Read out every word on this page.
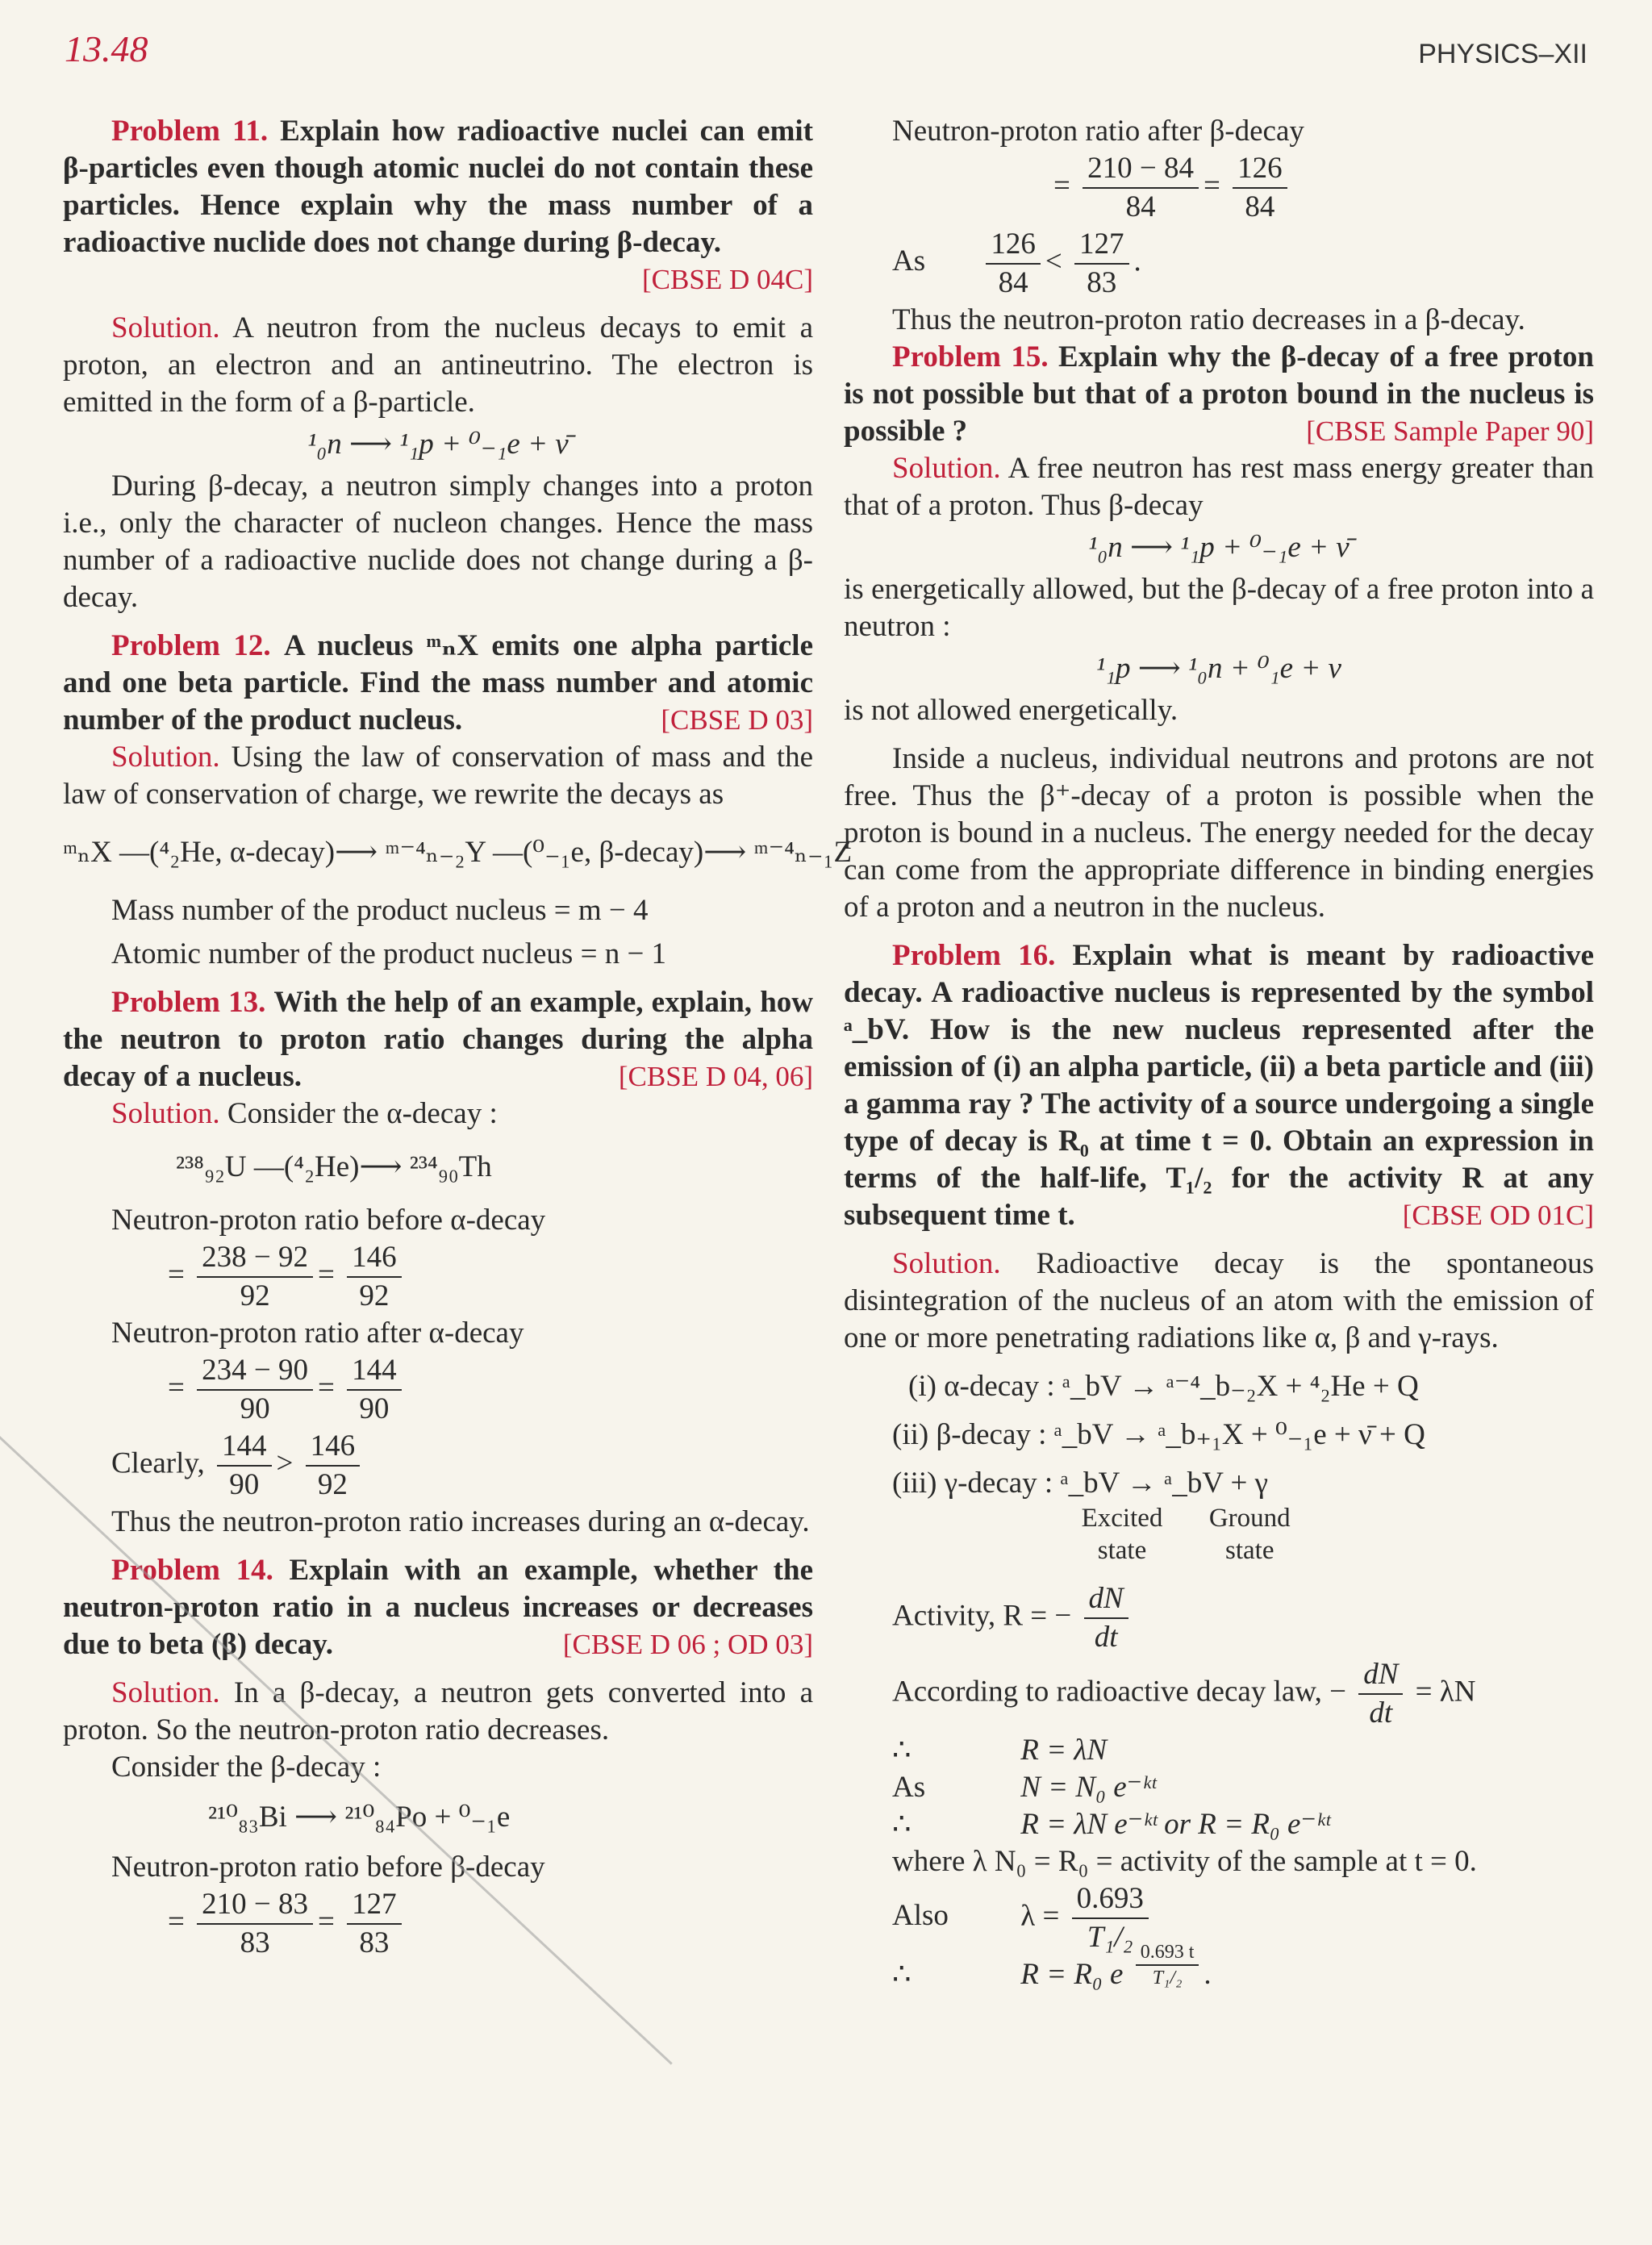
13.48	PHYSICS–XII

Problem 11. Explain how radioactive nuclei can emit β-particles even though atomic nuclei do not contain these particles. Hence explain why the mass number of a radioactive nuclide does not change during β-decay.

[CBSE D 04C]

Solution. A neutron from the nucleus decays to emit a proton, an electron and an antineutrino. The electron is emitted in the form of a β-particle.

¹₀n ⟶ ¹₁p + ⁰₋₁e + ν̄

During β-decay, a neutron simply changes into a proton i.e., only the character of nucleon changes. Hence the mass number of a radioactive nuclide does not change during a β-decay.

Problem 12. A nucleus ᵐₙX emits one alpha particle and one beta particle. Find the mass number and atomic number of the product nucleus.	[CBSE D 03]

Solution. Using the law of conservation of mass and the law of conservation of charge, we rewrite the decays as

ᵐₙX —(⁴₂He, α-decay)⟶ ᵐ⁻⁴ₙ₋₂Y —(⁰₋₁e, β-decay)⟶ ᵐ⁻⁴ₙ₋₁Z

Mass number of the product nucleus = m − 4

Atomic number of the product nucleus = n − 1

Problem 13. With the help of an example, explain, how the neutron to proton ratio changes during the alpha decay of a nucleus.	[CBSE D 04, 06]

Solution. Consider the α-decay :

²³⁸₉₂U —(⁴₂He)⟶ ²³⁴₉₀Th

Neutron-proton ratio before α-decay

= $\frac{238 - 92}{92} = \frac{146}{92}$

Neutron-proton ratio after α-decay

= $\frac{234 - 90}{90} = \frac{144}{90}$
Clearly, $\frac{144}{90} > \frac{146}{92}$

Thus the neutron-proton ratio increases during an α-decay.

Problem 14. Explain with an example, whether the neutron-proton ratio in a nucleus increases or decreases due to beta (β) decay.	[CBSE D 06 ; OD 03]

Solution. In a β-decay, a neutron gets converted into a proton. So the neutron-proton ratio decreases.

Consider the β-decay :

²¹⁰₈₃Bi ⟶ ²¹⁰₈₄Po + ⁰₋₁e

Neutron-proton ratio before β-decay

= $\frac{210 - 83}{83} = \frac{127}{83}$

Neutron-proton ratio after β-decay

= $\frac{210 - 84}{84} = \frac{126}{84}$
As $\frac{126}{84} < \frac{127}{83}$ .

Thus the neutron-proton ratio decreases in a β-decay.

Problem 15. Explain why the β-decay of a free proton is not possible but that of a proton bound in the nucleus is possible ?	[CBSE Sample Paper 90]

Solution. A free neutron has rest mass energy greater than that of a proton. Thus β-decay

¹₀n ⟶ ¹₁p + ⁰₋₁e + ν̄

is energetically allowed, but the β-decay of a free proton into a neutron :

¹₁p ⟶ ¹₀n + ⁰₁e + ν

is not allowed energetically.

Inside a nucleus, individual neutrons and protons are not free. Thus the β⁺-decay of a proton is possible when the proton is bound in a nucleus. The energy needed for the decay can come from the appropriate difference in binding energies of a proton and a neutron in the nucleus.

Problem 16. Explain what is meant by radioactive decay. A radioactive nucleus is represented by the symbol ᵃ_bV. How is the new nucleus represented after the emission of (i) an alpha particle, (ii) a beta particle and (iii) a gamma ray ? The activity of a source undergoing a single type of decay is R₀ at time t = 0. Obtain an expression in terms of the half-life, T₁/₂ for the activity R at any subsequent time t.	[CBSE OD 01C]

Solution. Radioactive decay is the spontaneous disintegration of the nucleus of an atom with the emission of one or more penetrating radiations like α, β and γ-rays.

(i) α-decay : ᵃ_bV → ᵃ⁻⁴_b₋₂X + ⁴₂He + Q
(ii) β-decay : ᵃ_bV → ᵃ_b₊₁X + ⁰₋₁e + ν̄ + Q
(iii) γ-decay : ᵃ_bV → ᵃ_bV + γ
Excited state Ground state
Activity, R = − $\frac{dN}{dt}$
According to radioactive decay law, − $\frac{dN}{dt} = \lambda N$
∴	R = λN
As	N = N₀ e⁻ᵏᵗ
∴	R = λN e⁻ᵏᵗ or R = R₀ e⁻ᵏᵗ
where λ N₀ = R₀ = activity of the sample at t = 0.
Also $\lambda = \frac{0.693}{\text{T₁/₂}}$
∴	R = R₀ e $\frac{0.693 t}{\text{T₁/₂}}$ .
